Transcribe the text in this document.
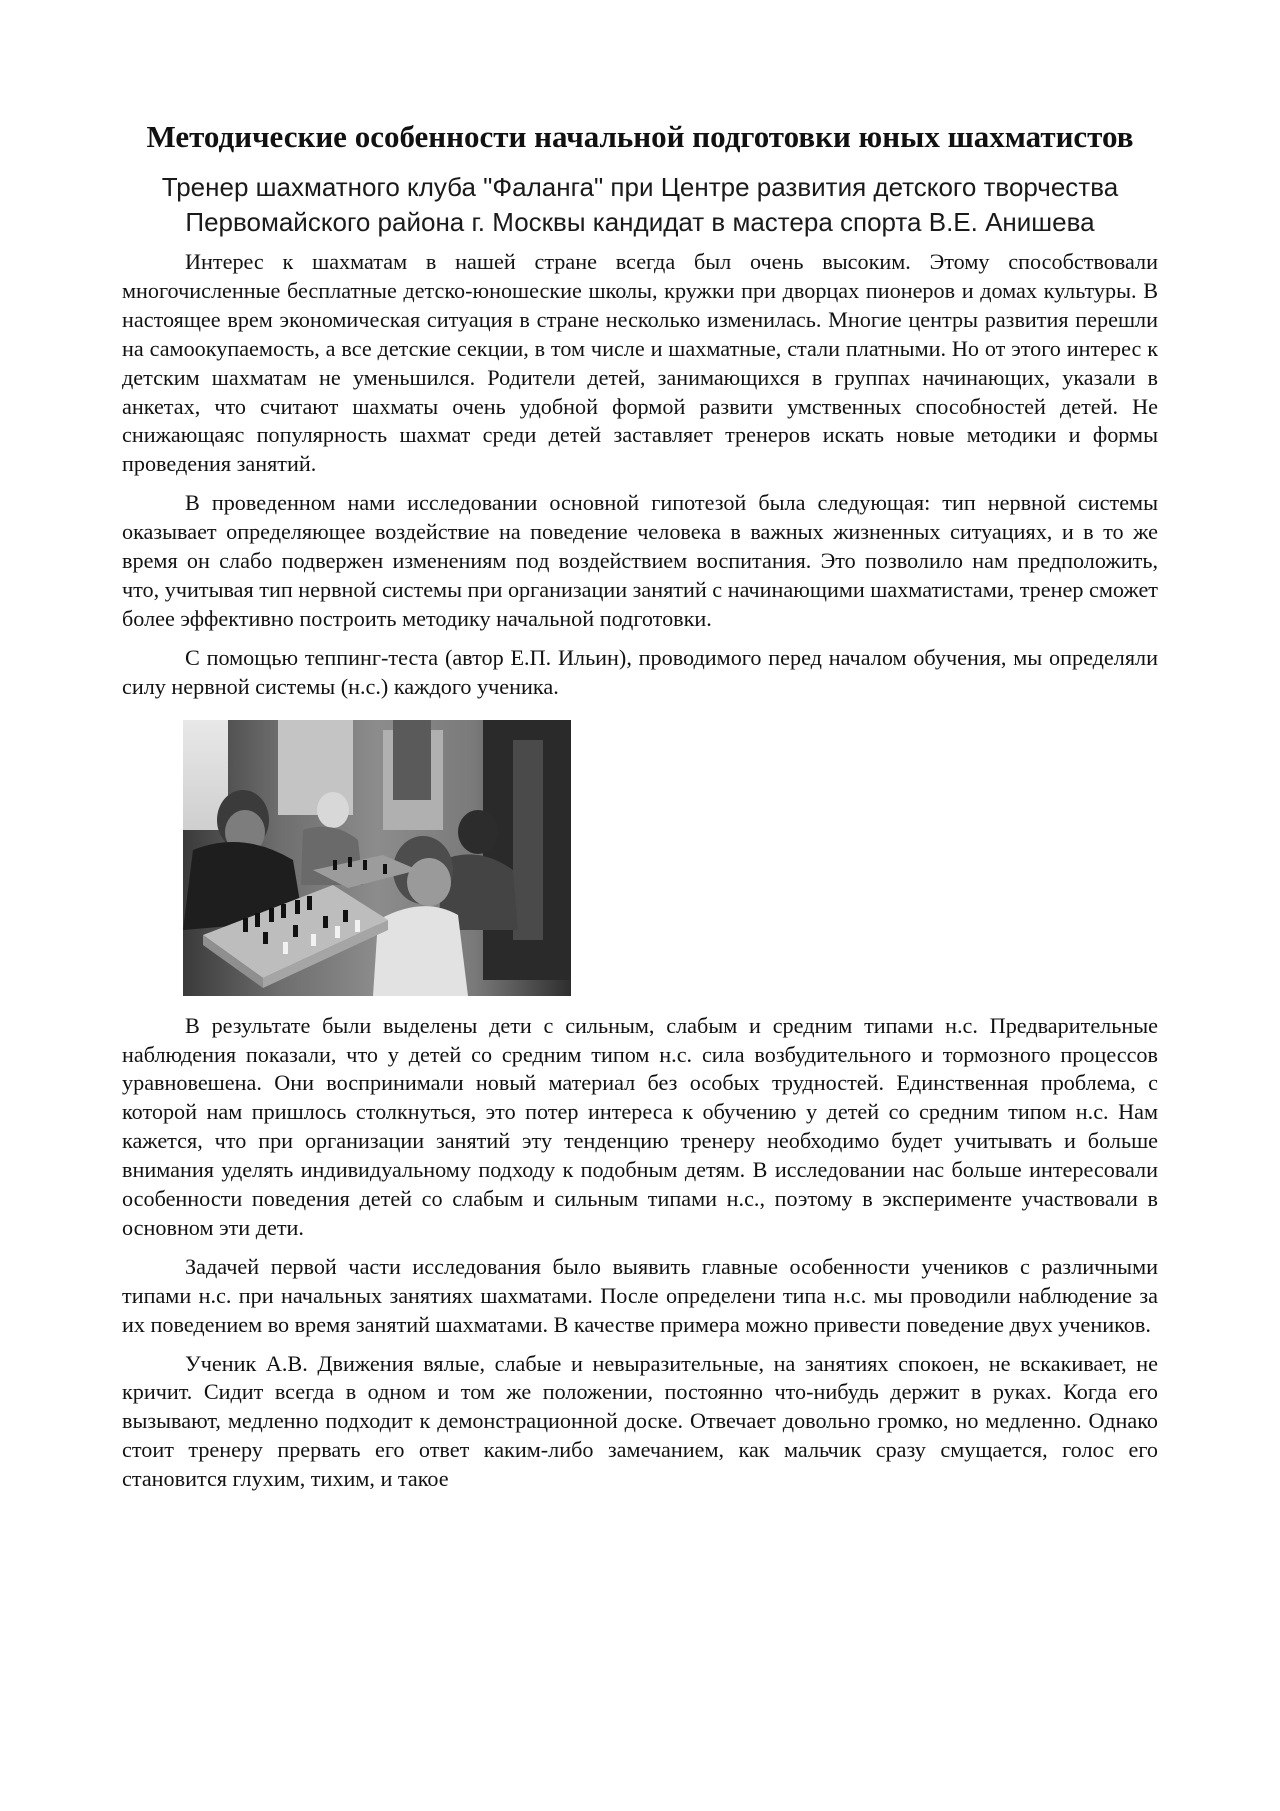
Методические особенности начальной подготовки юных шахматистов

Тренер шахматного клуба "Фаланга" при Центре развития детского творчества Первомайского района г. Москвы кандидат в мастера спорта В.Е. Анишева

Интерес к шахматам в нашей стране всегда был очень высоким. Этому способствовали многочисленные бесплатные детско-юношеские школы, кружки при дворцах пионеров и домах культуры. В настоящее врем экономическая ситуация в стране несколько изменилась. Многие центры развития перешли на самоокупаемость, а все детские секции, в том числе и шахматные, стали платными. Но от этого интерес к детским шахматам не уменьшился. Родители детей, занимающихся в группах начинающих, указали в анкетах, что считают шахматы очень удобной формой развити умственных способностей детей. Не снижающаяс популярность шахмат среди детей заставляет тренеров искать новые методики и формы проведения занятий.

В проведенном нами исследовании основной гипотезой была следующая: тип нервной системы оказывает определяющее воздействие на поведение человека в важных жизненных ситуациях, и в то же время он слабо подвержен изменениям под воздействием воспитания. Это позволило нам предположить, что, учитывая тип нервной системы при организации занятий с начинающими шахматистами, тренер сможет более эффективно построить методику начальной подготовки.

С помощью теппинг-теста (автор Е.П. Ильин), проводимого перед началом обучения, мы определяли силу нервной системы (н.с.) каждого ученика.

В результате были выделены дети с сильным, слабым и средним типами н.с. Предварительные наблюдения показали, что у детей со средним типом н.с. сила возбудительного и тормозного процессов уравновешена. Они воспринимали новый материал без особых трудностей. Единственная проблема, с которой нам пришлось столкнуться, это потер интереса к обучению у детей со средним типом н.с. Нам кажется, что при организации занятий эту тенденцию тренеру необходимо будет учитывать и больше внимания уделять индивидуальному подходу к подобным детям. В исследовании нас больше интересовали особенности поведения детей со слабым и сильным типами н.с., поэтому в эксперименте участвовали в основном эти дети.

Задачей первой части исследования было выявить главные особенности учеников с различными типами н.с. при начальных занятиях шахматами. После определени типа н.с. мы проводили наблюдение за их поведением во время занятий шахматами. В качестве примера можно привести поведение двух учеников.

Ученик А.В. Движения вялые, слабые и невыразительные, на занятиях спокоен, не вскакивает, не кричит. Сидит всегда в одном и том же положении, постоянно что-нибудь держит в руках. Когда его вызывают, медленно подходит к демонстрационной доске. Отвечает довольно громко, но медленно. Однако стоит тренеру прервать его ответ каким-либо замечанием, как мальчик сразу смущается, голос его становится глухим, тихим, и такое
